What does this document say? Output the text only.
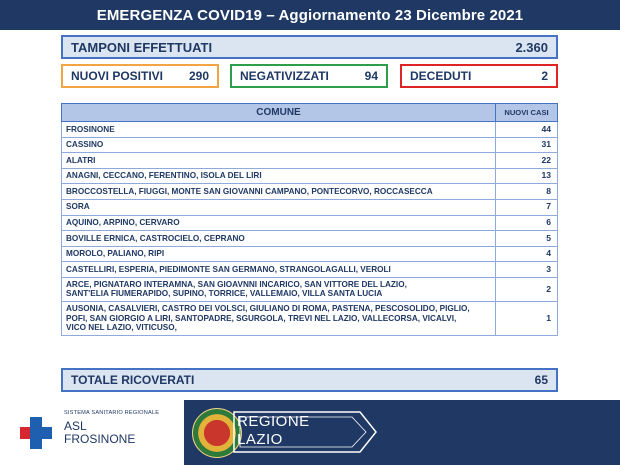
EMERGENZA COVID19 – Aggiornamento 23 Dicembre 2021
TAMPONI EFFETTUATI	2.360
NUOVI POSITIVI 290	NEGATIVIZZATI	94	DECEDUTI	2
COMUNE	NUOVI CASI
FROSINONE	44
CASSINO	31
ALATRI	22
ANAGNI, CECCANO, FERENTINO, ISOLA DEL LIRI	13
BROCCOSTELLA, FIUGGI, MONTE SAN GIOVANNI CAMPANO, PONTECORVO, ROCCASECCA	8
SORA	7
AQUINO, ARPINO, CERVARO	6
BOVILLE ERNICA, CASTROCIELO, CEPRANO	5
MOROLO, PALIANO, RIPI	4
CASTELLIRI, ESPERIA, PIEDIMONTE SAN GERMANO, STRANGOLAGALLI, VEROLI	3
ARCE, PIGNATARO INTERAMNA, SAN GIOAVNNI INCARICO, SAN VITTORE DEL LAZIO,
SANT'ELIA FIUMERAPIDO, SUPINO, TORRICE, VALLEMAIO, VILLA SANTA LUCIA	2
AUSONIA, CASALVIERI, CASTRO DEI VOLSCI, GIULIANO DI ROMA, PASTENA, PESCOSOLIDO, PIGLIO,
POFI, SAN GIORGIO A LIRI, SANTOPADRE, SGURGOLA, TREVI NEL LAZIO, VALLECORSA, VICALVI,
VICO NEL LAZIO, VITICUSO,	1
TOTALE RICOVERATI	65
SISTEMA SANITARIO REGIONALE
ASL
FROSINONE
REGIONE
LAZIO
